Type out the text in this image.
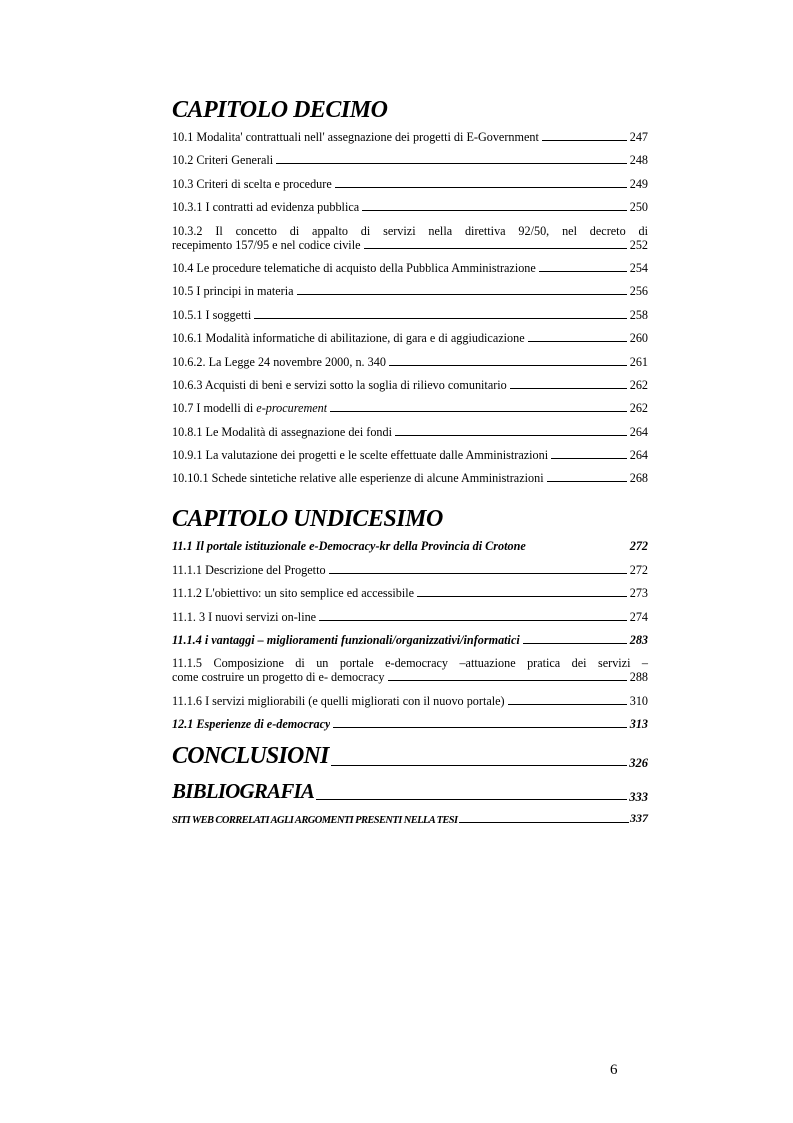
CAPITOLO DECIMO
10.1 Modalita' contrattuali nell' assegnazione dei progetti di E-Government	247
10.2 Criteri Generali	248
10.3 Criteri di scelta e procedure	249
10.3.1 I contratti ad evidenza pubblica	250
10.3.2 Il concetto di appalto di servizi nella direttiva 92/50, nel decreto di
recepimento 157/95 e nel codice civile	252
10.4 Le procedure telematiche di acquisto della Pubblica Amministrazione	254
10.5 I principi in materia	256
10.5.1 I soggetti	258
10.6.1 Modalità informatiche di abilitazione, di gara e di aggiudicazione	260
10.6.2. La Legge 24 novembre 2000, n. 340	261
10.6.3 Acquisti di beni e servizi sotto la soglia di rilievo comunitario	262
10.7 I modelli di e-procurement	262
10.8.1 Le Modalità di assegnazione dei fondi	264
10.9.1 La valutazione dei progetti e le scelte effettuate dalle Amministrazioni	264
10.10.1 Schede sintetiche relative alle esperienze di alcune Amministrazioni	268
CAPITOLO UNDICESIMO
11.1 Il portale istituzionale e-Democracy-kr della Provincia di Crotone	272
11.1.1 Descrizione del Progetto	272
11.1.2 L'obiettivo: un sito semplice ed accessibile	273
11.1. 3 I nuovi servizi on-line	274
11.1.4 i vantaggi – miglioramenti funzionali/organizzativi/informatici	283
11.1.5 Composizione di un portale e-democracy –attuazione pratica dei servizi –
come costruire un progetto di e- democracy	288
11.1.6 I servizi migliorabili (e quelli migliorati con il nuovo portale)	310
12.1 Esperienze di e-democracy	313
CONCLUSIONI	326
BIBLIOGRAFIA	333
SITI WEB CORRELATI AGLI ARGOMENTI PRESENTI NELLA TESI	337
6
